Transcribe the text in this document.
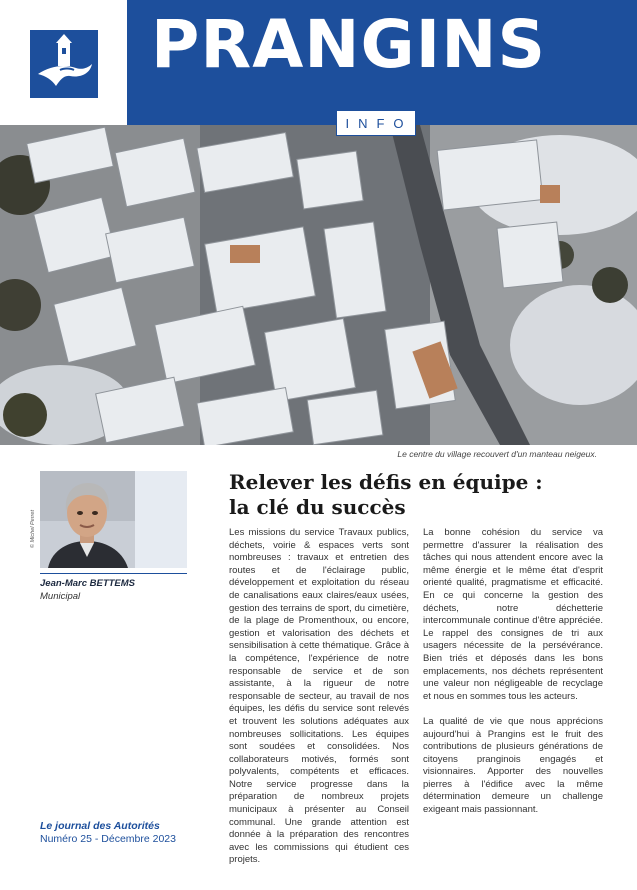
PRANGINS
INFO
Le centre du village recouvert d'un manteau neigeux.
© Michel Perret
Jean-Marc BETTEMS
Municipal
Relever les défis en équipe :
la clé du succès

Les missions du service Travaux publics, déchets, voirie & espaces verts sont nombreuses : travaux et entretien des routes et de l'éclairage public, développement et exploitation du réseau de canalisations eaux claires/eaux usées, gestion des terrains de sport, du cimetière, de la plage de Promenthoux, ou encore, gestion et valorisation des déchets et sensibilisation à cette thématique. Grâce à la compétence, l'expérience de notre responsable de service et de son assistante, à la rigueur de notre responsable de secteur, au travail de nos équipes, les défis du service sont relevés et trouvent les solutions adéquates aux nombreuses sollicitations. Les équipes sont soudées et consolidées. Nos collaborateurs motivés, formés sont polyvalents, compétents et efficaces. Notre service progresse dans la préparation de nombreux projets municipaux à présenter au Conseil communal. Une grande attention est donnée à la préparation des rencontres avec les commissions qui étudient ces projets.

La bonne cohésion du service va permettre d'assurer la réalisation des tâches qui nous attendent encore avec la même énergie et le même état d'esprit orienté qualité, pragmatisme et efficacité. En ce qui concerne la gestion des déchets, notre déchetterie intercommunale continue d'être appréciée. Le rappel des consignes de tri aux usagers nécessite de la persévérance. Bien triés et déposés dans les bons emplacements, nos déchets représentent une valeur non négligeable de recyclage et nous en sommes tous les acteurs.

La qualité de vie que nous apprécions aujourd'hui à Prangins est le fruit des contributions de plusieurs générations de citoyens pranginois engagés et visionnaires. Apporter des nouvelles pierres à l'édifice avec la même détermination demeure un challenge exigeant mais passionnant.

Le journal des Autorités
Numéro 25 - Décembre 2023
